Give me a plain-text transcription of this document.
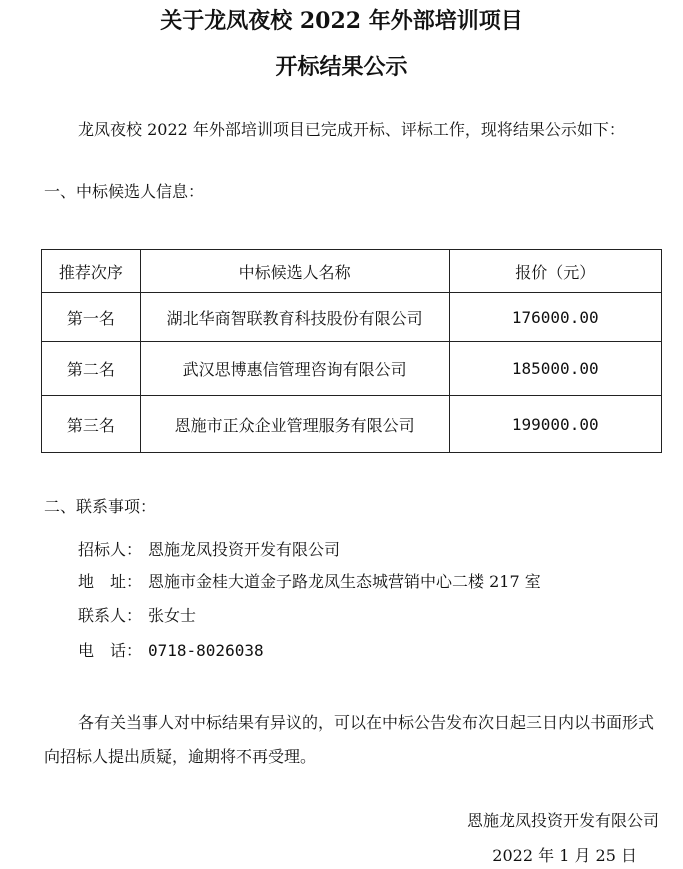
关于龙凤夜校 2022 年外部培训项目
开标结果公示

龙凤夜校 2022 年外部培训项目已完成开标、评标工作，现将结果公示如下：

一、中标候选人信息：

推荐次序	中标候选人名称	报价（元）
第一名	湖北华商智联教育科技股份有限公司	176000.00
第二名	武汉思博惠信管理咨询有限公司	185000.00
第三名	恩施市正众企业管理服务有限公司	199000.00

二、联系事项：

招标人： 恩施龙凤投资开发有限公司
地　址： 恩施市金桂大道金子路龙凤生态城营销中心二楼 217 室
联系人： 张女士
电　话： 0718-8026038

各有关当事人对中标结果有异议的，可以在中标公告发布次日起三日内以书面形式向招标人提出质疑，逾期将不再受理。

恩施龙凤投资开发有限公司
2022 年 1 月 25 日
